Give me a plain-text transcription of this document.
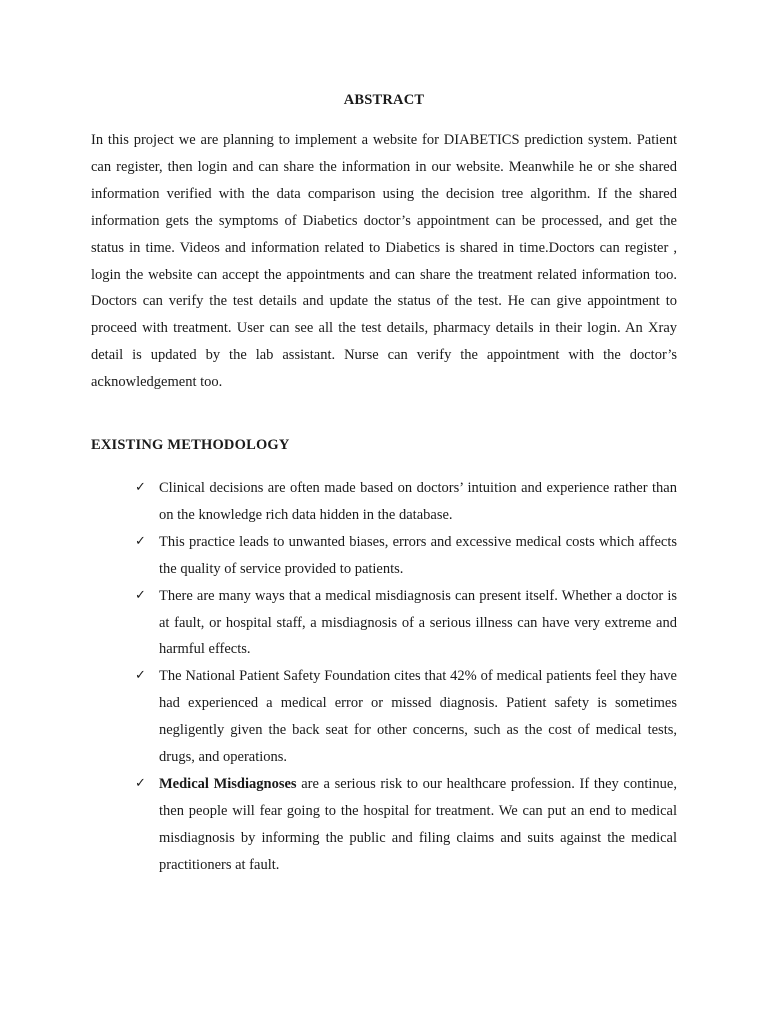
ABSTRACT

In this project we are planning to implement a website for DIABETICS prediction system. Patient can register, then login and can share the information in our website. Meanwhile he or she shared information verified with the data comparison using the decision tree algorithm. If the shared information gets the symptoms of Diabetics doctor’s appointment can be processed, and get the status in time. Videos and information related to Diabetics is shared in time.Doctors can register , login the website can accept the appointments and can share the treatment related information too. Doctors can verify the test details and update the status of the test. He can give appointment to proceed with treatment. User can see all the test details, pharmacy details in their login. An Xray detail is updated by the lab assistant. Nurse can verify the appointment with the doctor’s acknowledgement too.

EXISTING METHODOLOGY
✓ Clinical decisions are often made based on doctors’ intuition and experience rather than on the knowledge rich data hidden in the database.
✓ This practice leads to unwanted biases, errors and excessive medical costs which affects the quality of service provided to patients.
✓ There are many ways that a medical misdiagnosis can present itself. Whether a doctor is at fault, or hospital staff, a misdiagnosis of a serious illness can have very extreme and harmful effects.
✓ The National Patient Safety Foundation cites that 42% of medical patients feel they have had experienced a medical error or missed diagnosis. Patient safety is sometimes negligently given the back seat for other concerns, such as the cost of medical tests, drugs, and operations.
✓ Medical Misdiagnoses are a serious risk to our healthcare profession. If they continue, then people will fear going to the hospital for treatment. We can put an end to medical misdiagnosis by informing the public and filing claims and suits against the medical practitioners at fault.
